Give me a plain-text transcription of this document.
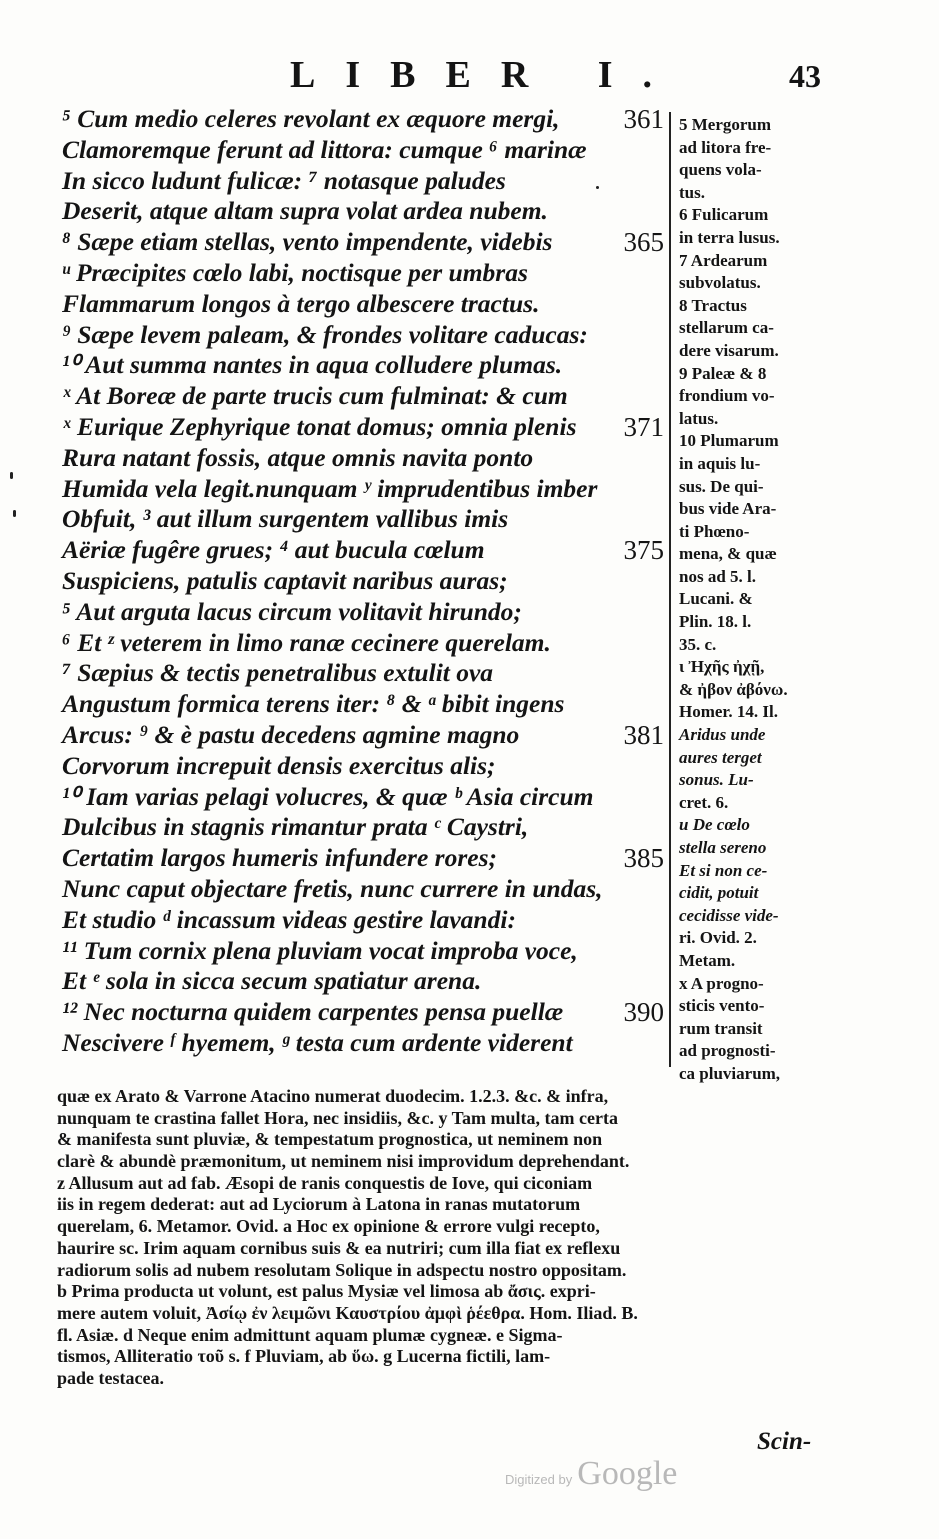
LIBER I.	43
⁵ Cum medio celeres revolant ex æquore mergi, 361
Clamoremque ferunt ad littora: cumque ⁶ marinæ
In sicco ludunt fulicæ: ⁷ notasque paludes
Deserit, atque altam supra volat ardea nubem.
⁸ Sæpe etiam stellas, vento impendente, videbis	365
ᵘ Præcipites cœlo labi, noctisque per umbras
Flammarum longos à tergo albescere tractus.
⁹ Sæpe levem paleam, & frondes volitare caducas:
¹⁰ Aut summa nantes in aqua colludere plumas.
ˣ At Boreæ de parte trucis cum fulminat: & cum
ˣ Eurique Zephyrique tonat domus; omnia plenis 371
Rura natant fossis, atque omnis navita ponto
Humida vela legit.nunquam ʸ imprudentibus imber
Obfuit, ³ aut illum surgentem vallibus imis
Aëriæ fugêre grues; ⁴ aut bucula cœlum	375
Suspiciens, patulis captavit naribus auras;
⁵ Aut arguta lacus circum volitavit hirundo;
⁶ Et ᶻ veterem in limo ranæ cecinere querelam.
⁷ Sæpius & tectis penetralibus extulit ova
Angustum formica terens iter: ⁸ & ᵃ bibit ingens
Arcus: ⁹ & è pastu decedens agmine magno	381
Corvorum increpuit densis exercitus alis;
¹⁰ Iam varias pelagi volucres, & quæ ᵇ Asia circum
Dulcibus in stagnis rimantur prata ᶜ Caystri,
Certatim largos humeris infundere rores;	385
Nunc caput objectare fretis, nunc currere in undas,
Et studio ᵈ incassum videas gestire lavandi:
¹¹ Tum cornix plena pluviam vocat improba voce,
Et ᵉ sola in sicca secum spatiatur arena.
¹² Nec nocturna quidem carpentes pensa puellæ 390
Nescivere ᶠ hyemem, ᵍ testa cum ardente viderent
5 Mergorum
ad litora fre-
quens vola-
tus.
6 Fulicarum
in terra lusus.
7 Ardearum
subvolatus.
8 Tractus
stellarum ca-
dere visarum.
9 Paleæ & 8
frondium vo-
latus.
10 Plumarum
in aquis lu-
sus. De qui-
bus vide Ara-
ti Phœno-
mena, & quæ
nos ad 5. l.
Lucani. &
Plin. 18. l.
35. c.
ɩ Ἠχῆς ἠχῇ,
& ἠβον ἀβόνω.
Homer. 14. Il.
Aridus unde
aures terget
sonus. Lu-
cret. 6.
u De cœlo
stella sereno
Et si non ce-
cidit, potuit
cecidisse vide-
ri. Ovid. 2.
Metam.
x A progno-
sticis vento-
rum transit
ad prognosti-
ca pluviarum,
quæ ex Arato & Varrone Atacino numerat duodecim. 1.2.3. &c. & infra,
nunquam te crastina fallet Hora, nec insidiis, &c. y Tam multa, tam certa
& manifesta sunt pluviæ, & tempestatum prognostica, ut neminem non
clarè & abundè præmonitum, ut neminem nisi improvidum deprehendant.
z Allusum aut ad fab. Æsopi de ranis conquestis de Iove, qui ciconiam
iis in regem dederat: aut ad Lyciorum à Latona in ranas mutatorum
querelam, 6. Metamor. Ovid. a Hoc ex opinione & errore vulgi recepto,
haurire sc. Irim aquam cornibus suis & ea nutriri; cum illa fiat ex reflexu
radiorum solis ad nubem resolutam Solique in adspectu nostro oppositam.
b Prima producta ut volunt, est palus Mysiæ vel limosa ab ἄσις. expri-
mere autem voluit, Ἀσίῳ ἐν λειμῶνι Καυστρίου ἀμφὶ ῥέεθρα. Hom. Iliad. B.
fl. Asiæ. d Neque enim admittunt aquam plumæ cygneæ. e Sigma-
tismos, Alliteratio τοῦ s. f Pluviam, ab ὕω. g Lucerna fictili, lam-
pade testacea.
Scin-
Digitized by Google
